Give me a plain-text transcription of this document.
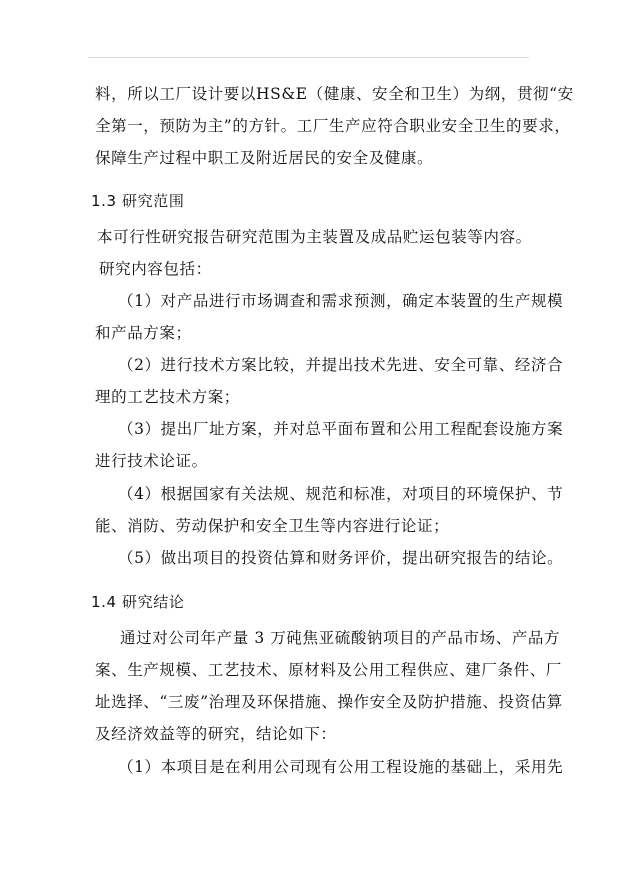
料，所以工厂设计要以HS&E（健康、安全和卫生）为纲，贯彻“安
全第一，预防为主”的方针。工厂生产应符合职业安全卫生的要求，
保障生产过程中职工及附近居民的安全及健康。
1.3 研究范围
本可行性研究报告研究范围为主装置及成品贮运包装等内容。
研究内容包括：
（1）对产品进行市场调查和需求预测，确定本装置的生产规模
和产品方案；
（2）进行技术方案比较，并提出技术先进、安全可靠、经济合
理的工艺技术方案；
（3）提出厂址方案，并对总平面布置和公用工程配套设施方案
进行技术论证。
（4）根据国家有关法规、规范和标准，对项目的环境保护、节
能、消防、劳动保护和安全卫生等内容进行论证；
（5）做出项目的投资估算和财务评价，提出研究报告的结论。
1.4 研究结论
通过对公司年产量 3 万砘焦亚硫酸钠项目的产品市场、产品方
案、生产规模、工艺技术、原材料及公用工程供应、建厂条件、厂
址选择、“三废”治理及环保措施、操作安全及防护措施、投资估算
及经济效益等的研究，结论如下：
（1）本项目是在利用公司现有公用工程设施的基础上，采用先
